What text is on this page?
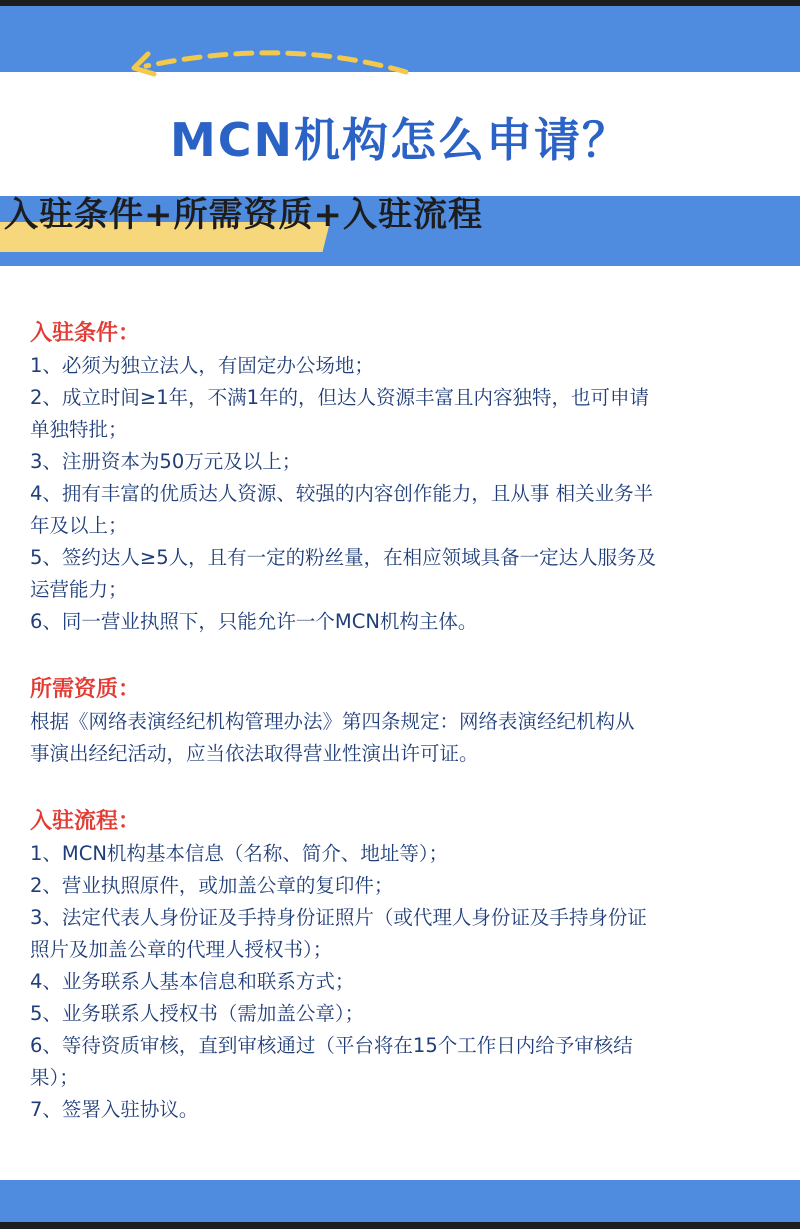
MCN机构怎么申请？
入驻条件+所需资质+入驻流程

入驻条件：

1、必须为独立法人，有固定办公场地；

2、成立时间≥1年，不满1年的，但达人资源丰富且内容独特，也可申请

单独特批；

3、注册资本为50万元及以上；

4、拥有丰富的优质达人资源、较强的内容创作能力，且从事 相关业务半

年及以上；

5、签约达人≥5人，且有一定的粉丝量，在相应领域具备一定达人服务及

运营能力；

6、同一营业执照下，只能允许一个MCN机构主体。

所需资质：

根据《网络表演经纪机构管理办法》第四条规定：网络表演经纪机构从

事演出经纪活动，应当依法取得营业性演出许可证。

入驻流程：

1、MCN机构基本信息（名称、简介、地址等）；

2、营业执照原件，或加盖公章的复印件；

3、法定代表人身份证及手持身份证照片（或代理人身份证及手持身份证

照片及加盖公章的代理人授权书）；

4、业务联系人基本信息和联系方式；

5、业务联系人授权书（需加盖公章）；

6、等待资质审核，直到审核通过（平台将在15个工作日内给予审核结

果）；

7、签署入驻协议。
